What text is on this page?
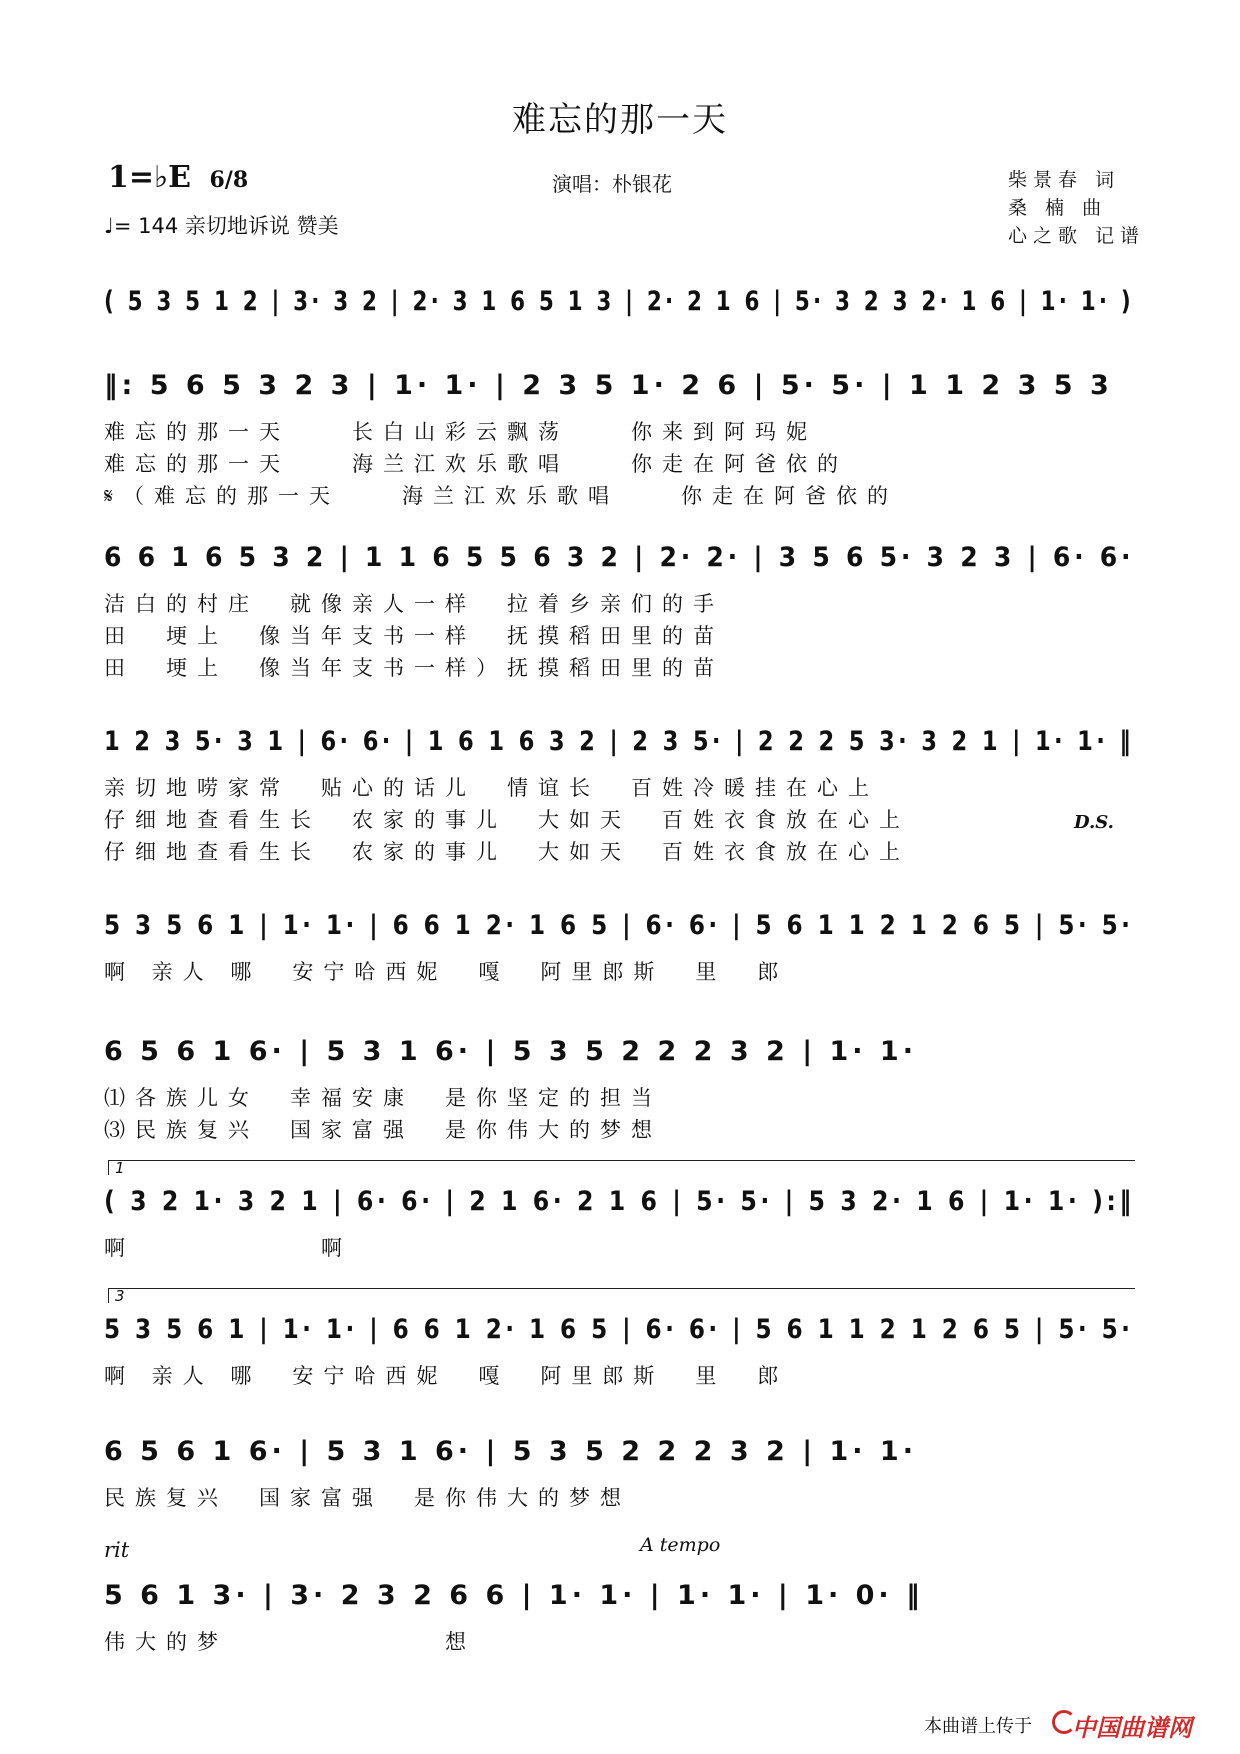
难忘的那一天
1=♭E 6/8
♩= 144 亲切地诉说 赞美
演唱：朴银花	柴景春 词
桑 楠 曲
心之歌 记谱
( 5 3 5 1 2 | 3· 3 2 | 2· 3 1 6 5 1 3 | 2· 2 1 6 | 5· 3 2 3 2· 1 6 | 1· 1· )
‖: 5 6 5 3 2 3 | 1· 1· | 2 3 5 1· 2 6 | 5· 5· | 1 1 2 3 5 3
难忘的那一天　　长白山彩云飘荡　　你来到阿玛妮
难忘的那一天　　海兰江欢乐歌唱　　你走在阿爸依的
𝄋（难忘的那一天　　海兰江欢乐歌唱　　你走在阿爸依的
6 6 1 6 5 3 2 | 1 1 6 5 5 6 3 2 | 2· 2· | 3 5 6 5· 3 2 3 | 6· 6·
洁白的村庄　就像亲人一样　拉着乡亲们的手
田　埂上　像当年支书一样　抚摸稻田里的苗
田　埂上　像当年支书一样）抚摸稻田里的苗
1 2 3 5· 3 1 | 6· 6· | 1 6 1 6 3 2 | 2 3 5· | 2 2 2 5 3· 3 2 1 | 1· 1· ‖
亲切地唠家常　贴心的话儿　情谊长　百姓冷暖挂在心上
仔细地查看生长　农家的事儿　大如天　百姓衣食放在心上
仔细地查看生长　农家的事儿　大如天　百姓衣食放在心上
D.S.
5 3 5 6 1 | 1· 1· | 6 6 1 2· 1 6 5 | 6· 6· | 5 6 1 1 2 1 2 6 5 | 5· 5·
啊 亲人 哪　安宁哈西妮　嘎　阿里郎斯　里　郎
6 5 6 1 6· | 5 3 1 6· | 5 3 5 2 2 2 3 2 | 1· 1·
⑴各族儿女　幸福安康　是你坚定的担当
⑶民族复兴　国家富强　是你伟大的梦想
1
( 3 2 1· 3 2 1 | 6· 6· | 2 1 6· 2 1 6 | 5· 5· | 5 3 2· 1 6 | 1· 1· ):‖
啊　　　　　　啊
3
5 3 5 6 1 | 1· 1· | 6 6 1 2· 1 6 5 | 6· 6· | 5 6 1 1 2 1 2 6 5 | 5· 5·
啊 亲人 哪　安宁哈西妮　嘎　阿里郎斯　里　郎
6 5 6 1 6· | 5 3 1 6· | 5 3 5 2 2 2 3 2 | 1· 1·
民族复兴　国家富强　是你伟大的梦想
rit	A tempo
5 6 1 3· | 3· 2 3 2 6 6 | 1· 1· | 1· 1· | 1· 0· ‖
伟大的梦　　　　　　　想
本曲谱上传于 中国曲谱网
